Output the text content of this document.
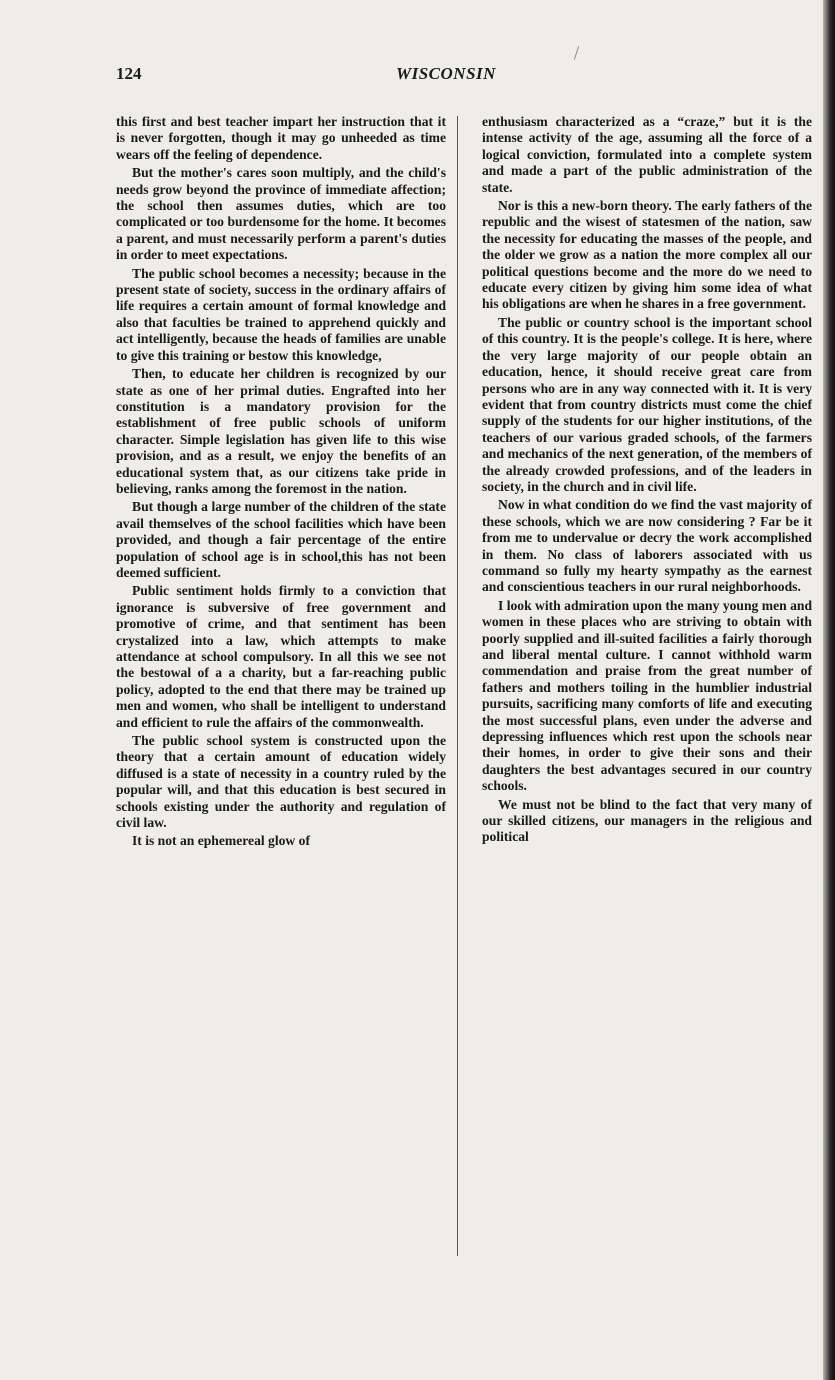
124	WISCONSIN

this first and best teacher impart her instruction that it is never forgotten, though it may go unheeded as time wears off the feeling of dependence.

But the mother's cares soon multiply, and the child's needs grow beyond the province of immediate affection; the school then assumes duties, which are too complicated or too burdensome for the home. It becomes a parent, and must necessarily perform a parent's duties in order to meet expectations.

The public school becomes a necessity; because in the present state of society, success in the ordinary affairs of life requires a certain amount of formal knowledge and also that faculties be trained to apprehend quickly and act intelligently, because the heads of families are unable to give this training or bestow this knowledge,

Then, to educate her children is recognized by our state as one of her primal duties. Engrafted into her constitution is a mandatory provision for the establishment of free public schools of uniform character. Simple legislation has given life to this wise provision, and as a result, we enjoy the benefits of an educational system that, as our citizens take pride in believing, ranks among the foremost in the nation.

But though a large number of the children of the state avail themselves of the school facilities which have been provided, and though a fair percentage of the entire population of school age is in school,this has not been deemed sufficient.

Public sentiment holds firmly to a conviction that ignorance is subversive of free government and promotive of crime, and that sentiment has been crystalized into a law, which attempts to make attendance at school compulsory. In all this we see not the bestowal of a a charity, but a far-reaching public policy, adopted to the end that there may be trained up men and women, who shall be intelligent to understand and efficient to rule the affairs of the commonwealth.

The public school system is constructed upon the theory that a certain amount of education widely diffused is a state of necessity in a country ruled by the popular will, and that this education is best secured in schools existing under the authority and regulation of civil law.

It is not an ephemereal glow of

enthusiasm characterized as a “craze,” but it is the intense activity of the age, assuming all the force of a logical conviction, formulated into a complete system and made a part of the public administration of the state.

Nor is this a new-born theory. The early fathers of the republic and the wisest of statesmen of the nation, saw the necessity for educating the masses of the people, and the older we grow as a nation the more complex all our political questions become and the more do we need to educate every citizen by giving him some idea of what his obligations are when he shares in a free government.

The public or country school is the important school of this country. It is the people's college. It is here, where the very large majority of our people obtain an education, hence, it should receive great care from persons who are in any way connected with it. It is very evident that from country districts must come the chief supply of the students for our higher institutions, of the teachers of our various graded schools, of the farmers and mechanics of the next generation, of the members of the already crowded professions, and of the leaders in society, in the church and in civil life.

Now in what condition do we find the vast majority of these schools, which we are now considering ? Far be it from me to undervalue or decry the work accomplished in them. No class of laborers associated with us command so fully my hearty sympathy as the earnest and conscientious teachers in our rural neighborhoods.

I look with admiration upon the many young men and women in these places who are striving to obtain with poorly supplied and ill-suited facilities a fairly thorough and liberal mental culture. I cannot withhold warm commendation and praise from the great number of fathers and mothers toiling in the humblier industrial pursuits, sacrificing many comforts of life and executing the most successful plans, even under the adverse and depressing influences which rest upon the schools near their homes, in order to give their sons and their daughters the best advantages secured in our country schools.

We must not be blind to the fact that very many of our skilled citizens, our managers in the religious and political
